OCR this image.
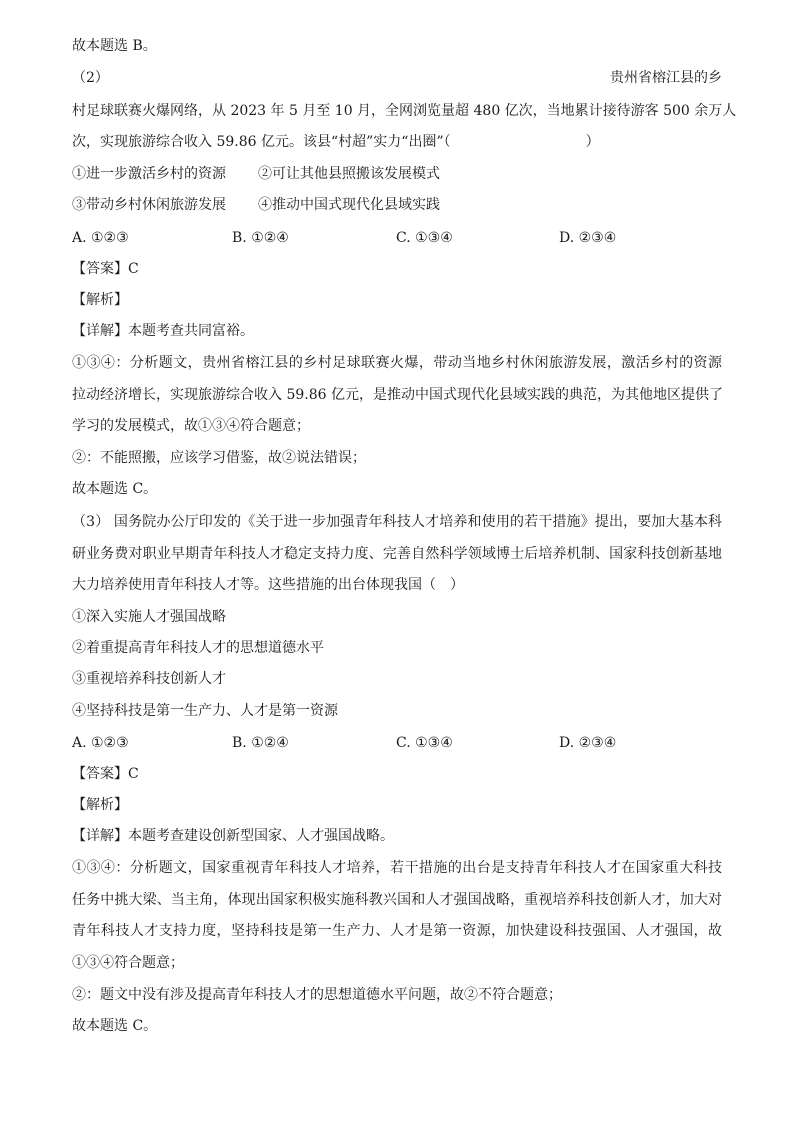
故本题选 B。
（2）	贵州省榕江县的乡
村足球联赛火爆网络，从 2023 年 5 月至 10 月，全网浏览量超 480 亿次，当地累计接待游客 500 余万人
次，实现旅游综合收入 59.86 亿元。该县“村超”实力“出圈”（	）
①进一步激活乡村的资源 ②可让其他县照搬该发展模式
③带动乡村休闲旅游发展 ④推动中国式现代化县域实践
A. ①②③	B. ①②④	C. ①③④	D. ②③④
【答案】C
【解析】
【详解】本题考查共同富裕。
①③④：分析题文，贵州省榕江县的乡村足球联赛火爆，带动当地乡村休闲旅游发展，激活乡村的资源
拉动经济增长，实现旅游综合收入 59.86 亿元，是推动中国式现代化县域实践的典范，为其他地区提供了
学习的发展模式，故①③④符合题意；
②：不能照搬，应该学习借鉴，故②说法错误；
故本题选 C。
（3） 国务院办公厅印发的《关于进一步加强青年科技人才培养和使用的若干措施》提出，要加大基本科
研业务费对职业早期青年科技人才稳定支持力度、完善自然科学领域博士后培养机制、国家科技创新基地
大力培养使用青年科技人才等。这些措施的出台体现我国（　）
①深入实施人才强国战略
②着重提高青年科技人才的思想道德水平
③重视培养科技创新人才
④坚持科技是第一生产力、人才是第一资源
A. ①②③	B. ①②④	C. ①③④	D. ②③④
【答案】C
【解析】
【详解】本题考查建设创新型国家、人才强国战略。
①③④：分析题文，国家重视青年科技人才培养，若干措施的出台是支持青年科技人才在国家重大科技
任务中挑大梁、当主角，体现出国家积极实施科教兴国和人才强国战略，重视培养科技创新人才，加大对
青年科技人才支持力度，坚持科技是第一生产力、人才是第一资源，加快建设科技强国、人才强国，故
①③④符合题意；
②：题文中没有涉及提高青年科技人才的思想道德水平问题，故②不符合题意；
故本题选 C。
